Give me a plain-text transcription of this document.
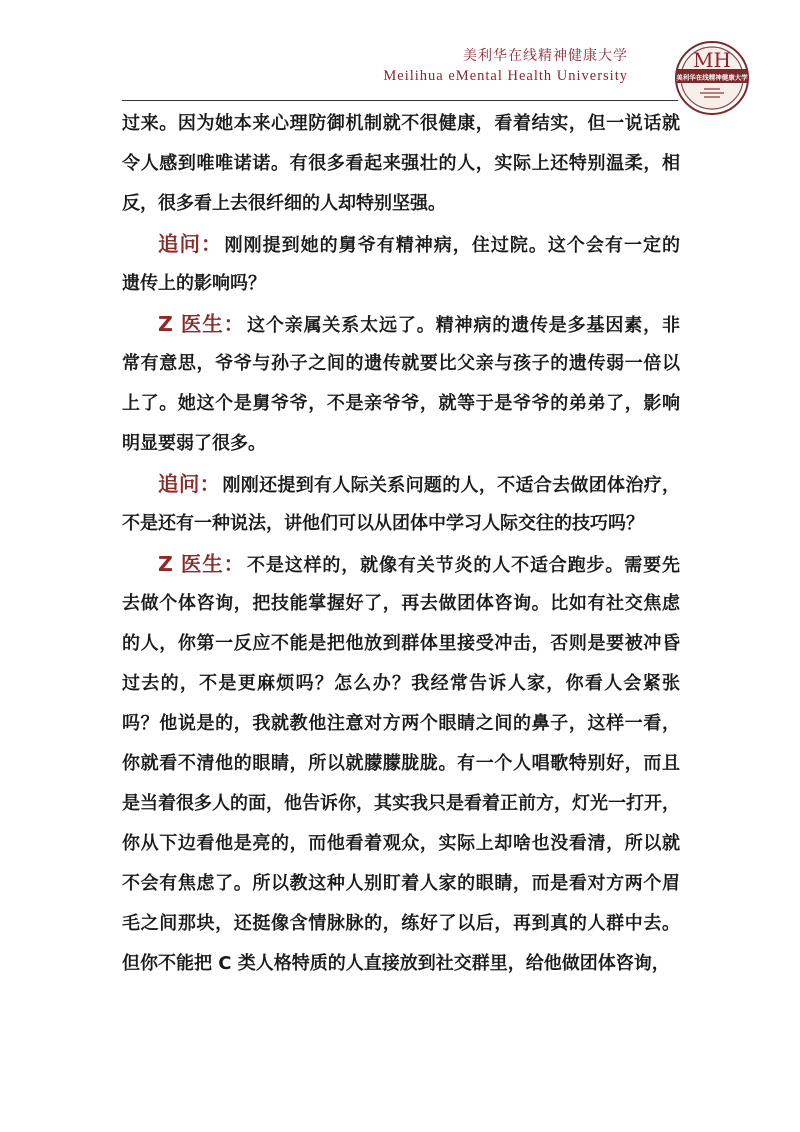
美利华在线精神健康大学
Meilihua eMental Health University
MH
美利华在线精神健康大学
过来。因为她本来心理防御机制就不很健康，看着结实，但一说话就
令人感到唯唯诺诺。有很多看起来强壮的人，实际上还特别温柔，相
反，很多看上去很纤细的人却特别坚强。
追问： 刚刚提到她的舅爷有精神病，住过院。这个会有一定的
遗传上的影响吗？
Z 医生： 这个亲属关系太远了。精神病的遗传是多基因素，非
常有意思，爷爷与孙子之间的遗传就要比父亲与孩子的遗传弱一倍以
上了。她这个是舅爷爷，不是亲爷爷，就等于是爷爷的弟弟了，影响
明显要弱了很多。
追问： 刚刚还提到有人际关系问题的人，不适合去做团体治疗，
不是还有一种说法，讲他们可以从团体中学习人际交往的技巧吗？
Z 医生： 不是这样的，就像有关节炎的人不适合跑步。需要先
去做个体咨询，把技能掌握好了，再去做团体咨询。比如有社交焦虑
的人，你第一反应不能是把他放到群体里接受冲击，否则是要被冲昏
过去的，不是更麻烦吗？怎么办？我经常告诉人家，你看人会紧张
吗？他说是的，我就教他注意对方两个眼睛之间的鼻子，这样一看，
你就看不清他的眼睛，所以就朦朦胧胧。有一个人唱歌特别好，而且
是当着很多人的面，他告诉你，其实我只是看着正前方，灯光一打开，
你从下边看他是亮的，而他看着观众，实际上却啥也没看清，所以就
不会有焦虑了。所以教这种人别盯着人家的眼睛，而是看对方两个眉
毛之间那块，还挺像含情脉脉的，练好了以后，再到真的人群中去。
但你不能把 C 类人格特质的人直接放到社交群里，给他做团体咨询，
